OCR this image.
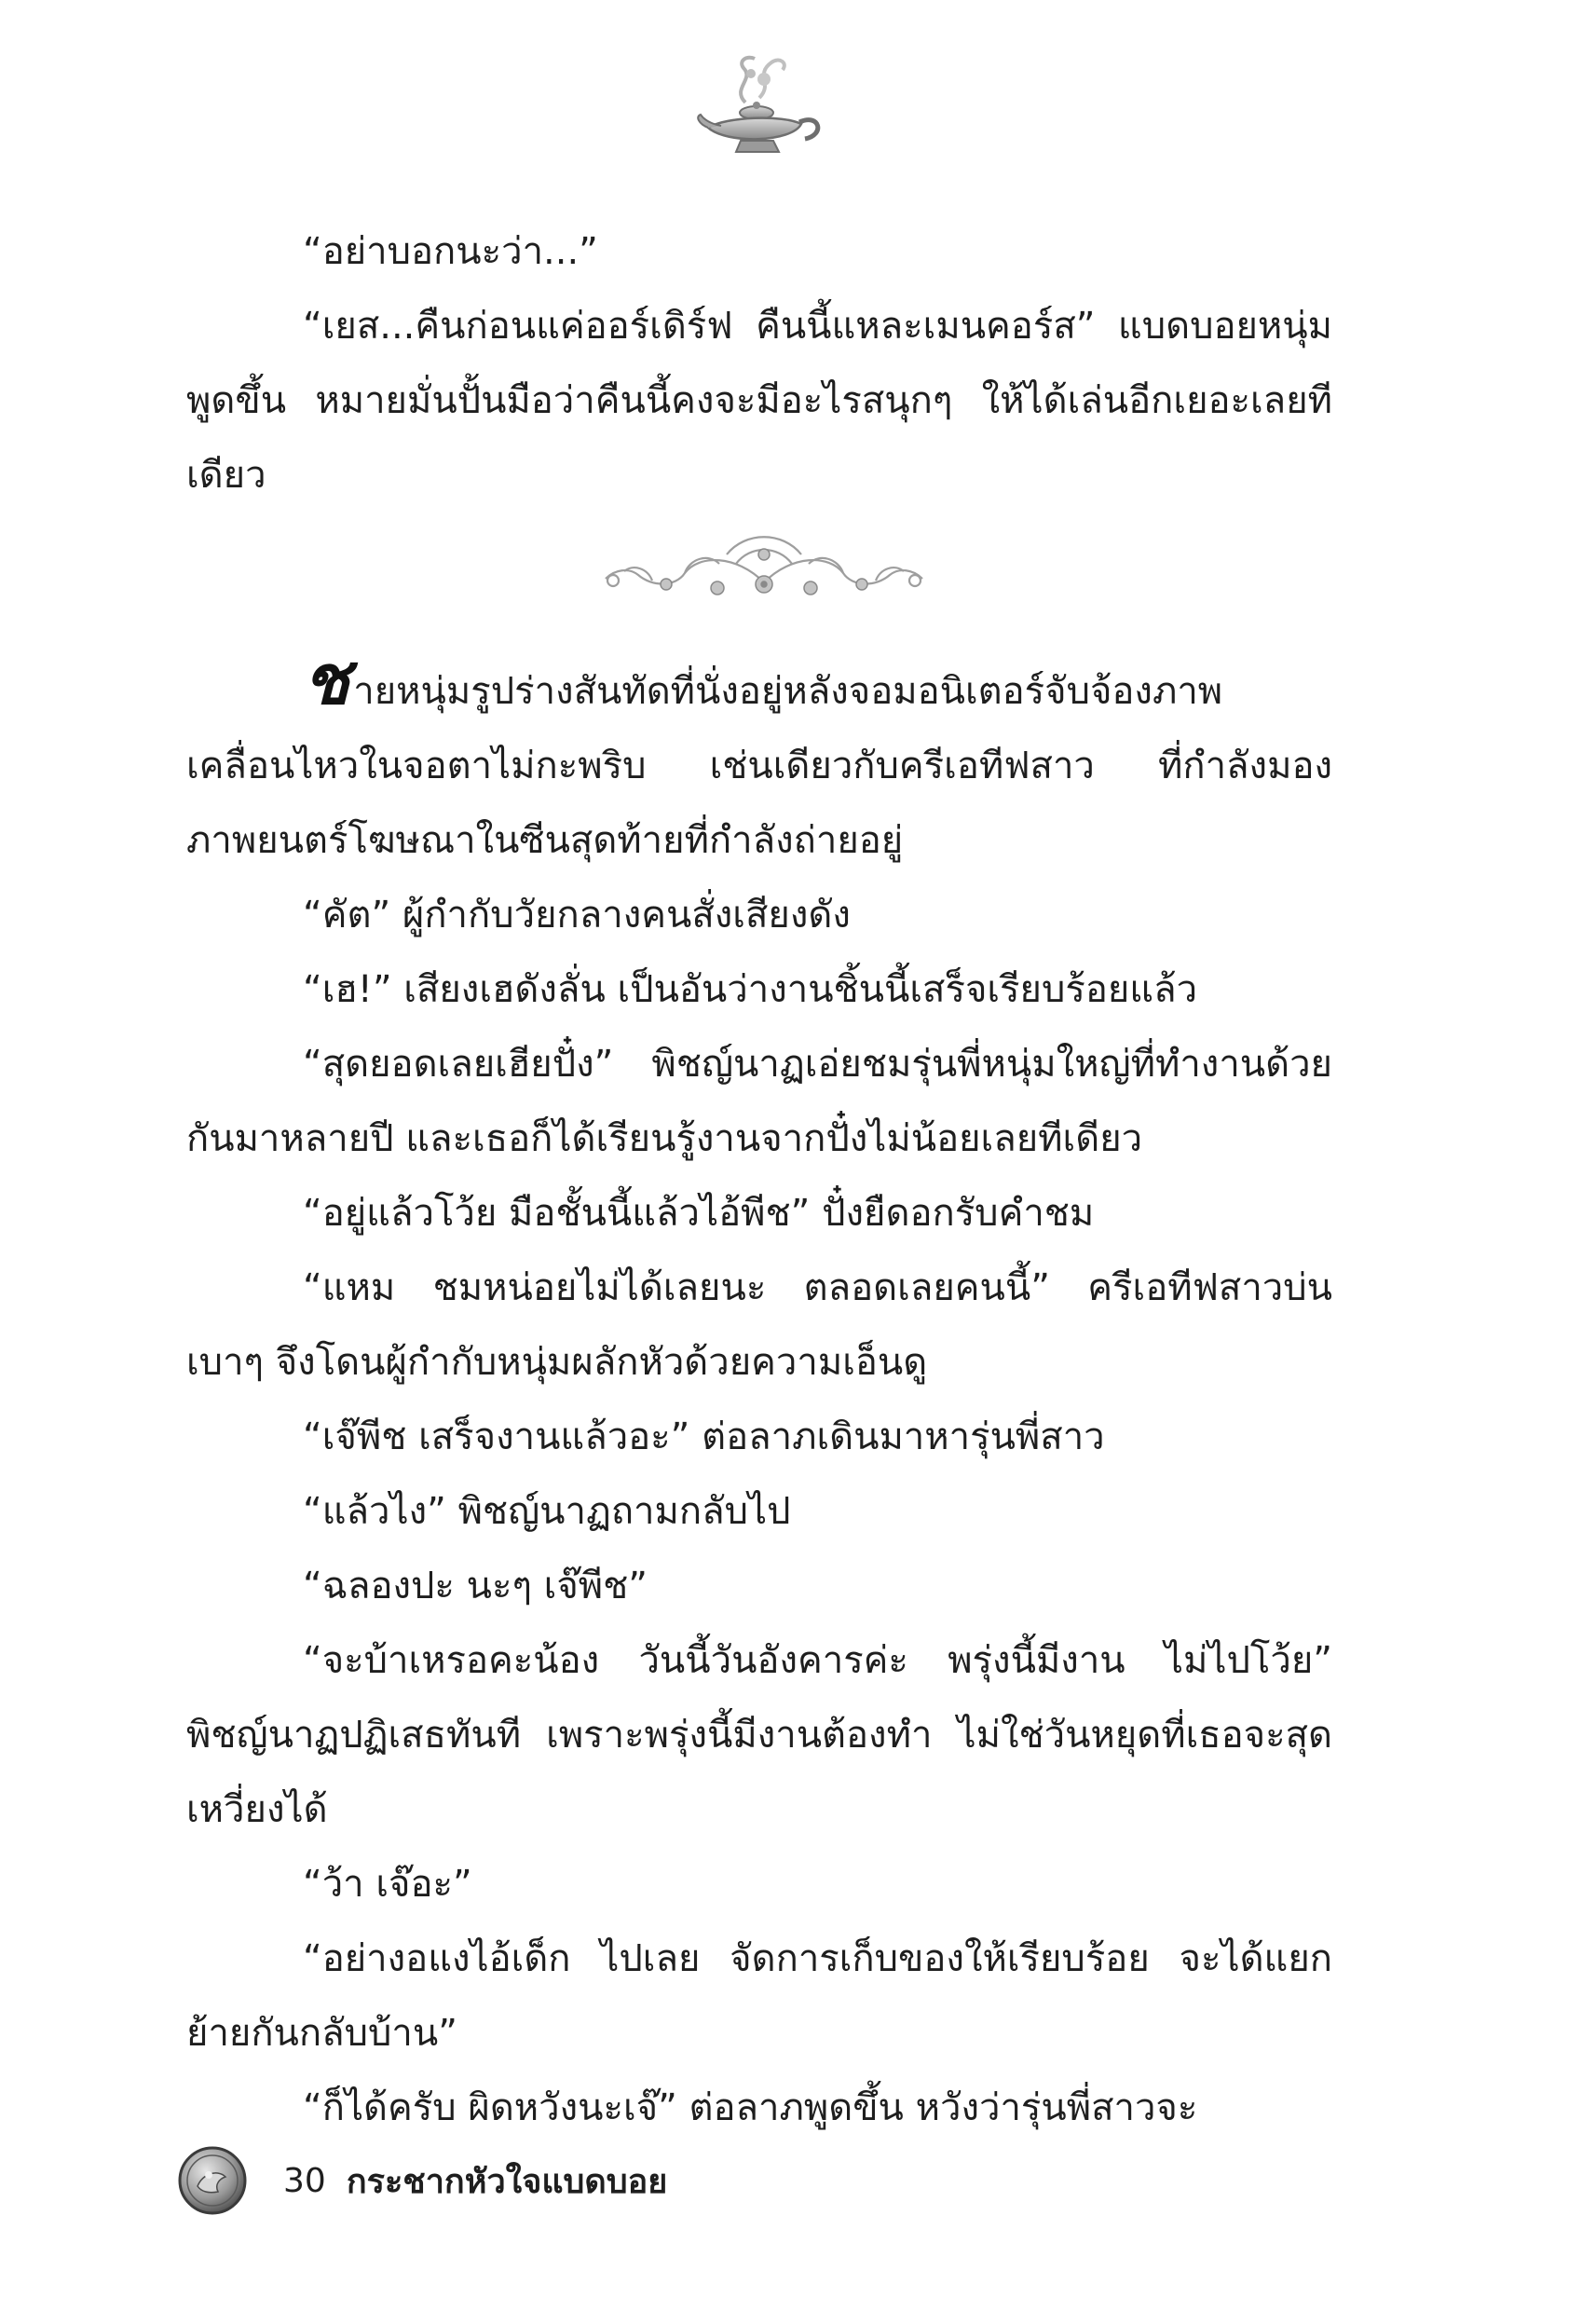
“อย่าบอกนะว่า...”

“เยส...คืนก่อนแค่ออร์เดิร์ฟ คืนนี้แหละเมนคอร์ส” แบดบอยหนุ่มพูดขึ้น หมายมั่นปั้นมือว่าคืนนี้คงจะมีอะไรสนุกๆ ให้ได้เล่นอีกเยอะเลยทีเดียว

ชายหนุ่มรูปร่างสันทัดที่นั่งอยู่หลังจอมอนิเตอร์จับจ้องภาพเคลื่อนไหวในจอตาไม่กะพริบ เช่นเดียวกับครีเอทีฟสาว ที่กำลังมองภาพยนตร์โฆษณาในซีนสุดท้ายที่กำลังถ่ายอยู่

“คัต” ผู้กำกับวัยกลางคนสั่งเสียงดัง

“เฮ!” เสียงเฮดังลั่น เป็นอันว่างานชิ้นนี้เสร็จเรียบร้อยแล้ว

“สุดยอดเลยเฮียปั๋ง” พิชญ์นาฏเอ่ยชมรุ่นพี่หนุ่มใหญ่ที่ทำงานด้วยกันมาหลายปี และเธอก็ได้เรียนรู้งานจากปั๋งไม่น้อยเลยทีเดียว

“อยู่แล้วโว้ย มือชั้นนี้แล้วไอ้พีช” ปั๋งยืดอกรับคำชม

“แหม ชมหน่อยไม่ได้เลยนะ ตลอดเลยคนนี้” ครีเอทีฟสาวบ่นเบาๆ จึงโดนผู้กำกับหนุ่มผลักหัวด้วยความเอ็นดู

“เจ๊พีช เสร็จงานแล้วอะ” ต่อลาภเดินมาหารุ่นพี่สาว

“แล้วไง” พิชญ์นาฏถามกลับไป

“ฉลองปะ นะๆ เจ๊พีช”

“จะบ้าเหรอคะน้อง วันนี้วันอังคารค่ะ พรุ่งนี้มีงาน ไม่ไปโว้ย” พิชญ์นาฏปฏิเสธทันที เพราะพรุ่งนี้มีงานต้องทำ ไม่ใช่วันหยุดที่เธอจะสุดเหวี่ยงได้

“ว้า เจ๊อะ”

“อย่างอแงไอ้เด็ก ไปเลย จัดการเก็บของให้เรียบร้อย จะได้แยกย้ายกันกลับบ้าน”

“ก็ได้ครับ ผิดหวังนะเจ๊” ต่อลาภพูดขึ้น หวังว่ารุ่นพี่สาวจะ

30 กระชากหัวใจแบดบอย
